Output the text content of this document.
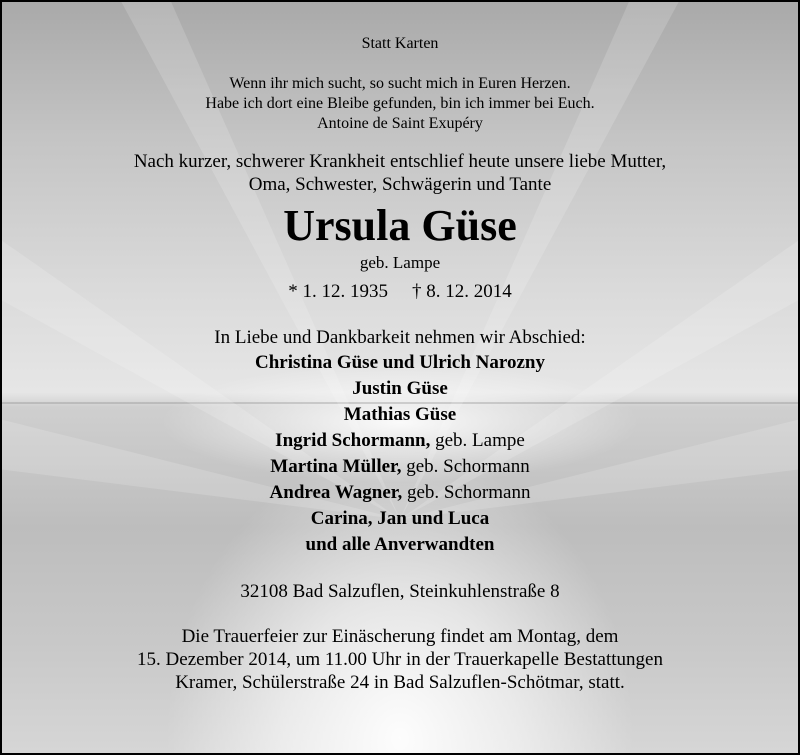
Statt Karten

Wenn ihr mich sucht, so sucht mich in Euren Herzen.

Habe ich dort eine Bleibe gefunden, bin ich immer bei Euch.

Antoine de Saint Exupéry

Nach kurzer, schwerer Krankheit entschlief heute unsere liebe Mutter,

Oma, Schwester, Schwägerin und Tante

Ursula Güse

geb. Lampe

* 1. 12. 1935 † 8. 12. 2014

In Liebe und Dankbarkeit nehmen wir Abschied:

Christina Güse und Ulrich Narozny

Justin Güse

Mathias Güse

Ingrid Schormann, geb. Lampe

Martina Müller, geb. Schormann

Andrea Wagner, geb. Schormann

Carina, Jan und Luca

und alle Anverwandten

32108 Bad Salzuflen, Steinkuhlenstraße 8

Die Trauerfeier zur Einäscherung findet am Montag, dem

15. Dezember 2014, um 11.00 Uhr in der Trauerkapelle Bestattungen

Kramer, Schülerstraße 24 in Bad Salzuflen-Schötmar, statt.
